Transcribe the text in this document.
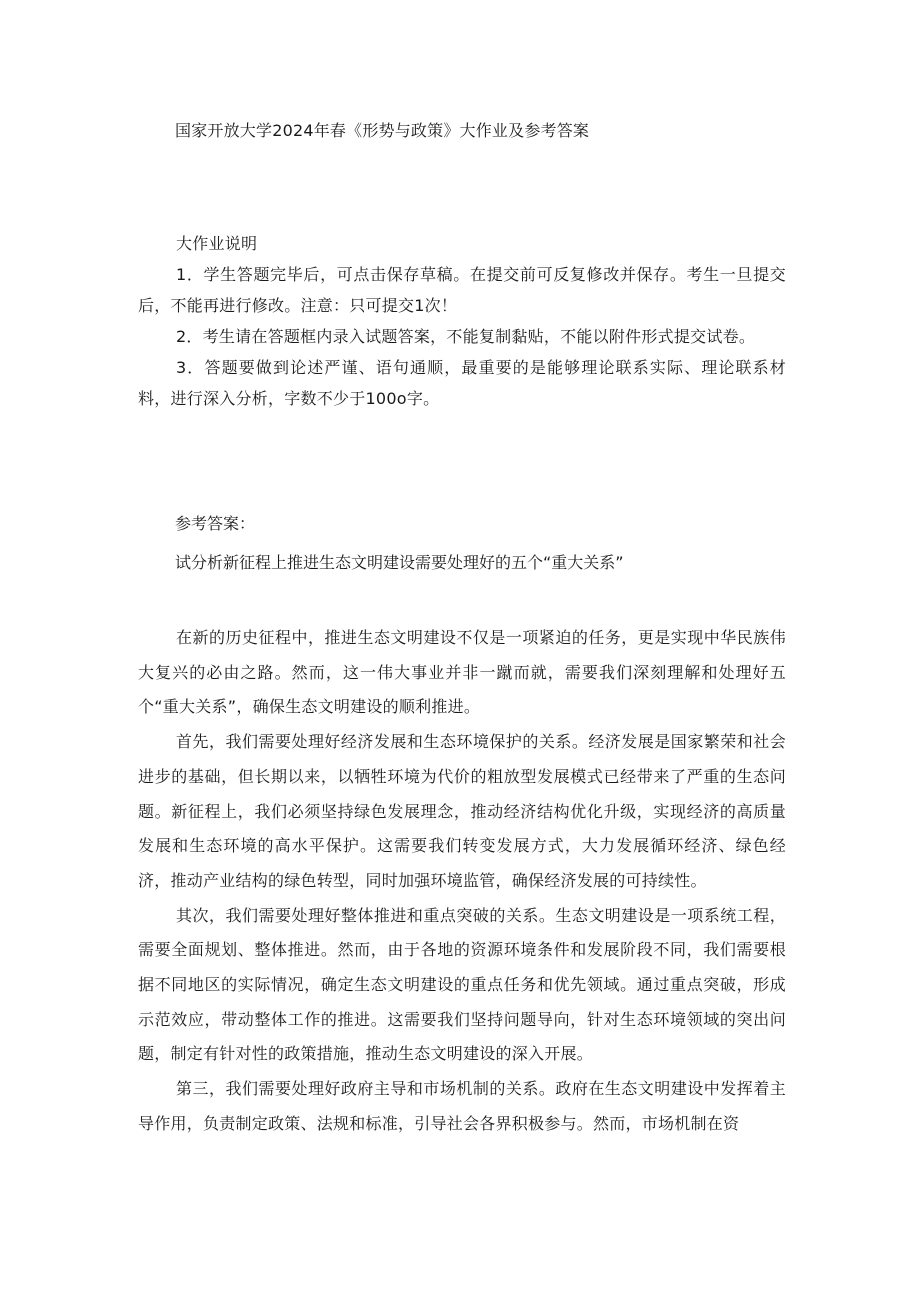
国家开放大学2024年春《形势与政策》大作业及参考答案

大作业说明

1．学生答题完毕后，可点击保存草稿。在提交前可反复修改并保存。考生一旦提交后，不能再进行修改。注意：只可提交1次！

2．考生请在答题框内录入试题答案，不能复制黏贴，不能以附件形式提交试卷。

3．答题要做到论述严谨、语句通顺，最重要的是能够理论联系实际、理论联系材料，进行深入分析，字数不少于100o字。

参考答案：
试分析新征程上推进生态文明建设需要处理好的五个“重大关系”

在新的历史征程中，推进生态文明建设不仅是一项紧迫的任务，更是实现中华民族伟大复兴的必由之路。然而，这一伟大事业并非一蹴而就，需要我们深刻理解和处理好五个“重大关系”，确保生态文明建设的顺利推进。

首先，我们需要处理好经济发展和生态环境保护的关系。经济发展是国家繁荣和社会进步的基础，但长期以来，以牺牲环境为代价的粗放型发展模式已经带来了严重的生态问题。新征程上，我们必须坚持绿色发展理念，推动经济结构优化升级，实现经济的高质量发展和生态环境的高水平保护。这需要我们转变发展方式，大力发展循环经济、绿色经济，推动产业结构的绿色转型，同时加强环境监管，确保经济发展的可持续性。

其次，我们需要处理好整体推进和重点突破的关系。生态文明建设是一项系统工程，需要全面规划、整体推进。然而，由于各地的资源环境条件和发展阶段不同，我们需要根据不同地区的实际情况，确定生态文明建设的重点任务和优先领域。通过重点突破，形成示范效应，带动整体工作的推进。这需要我们坚持问题导向，针对生态环境领域的突出问题，制定有针对性的政策措施，推动生态文明建设的深入开展。

第三，我们需要处理好政府主导和市场机制的关系。政府在生态文明建设中发挥着主导作用，负责制定政策、法规和标准，引导社会各界积极参与。然而，市场机制在资
